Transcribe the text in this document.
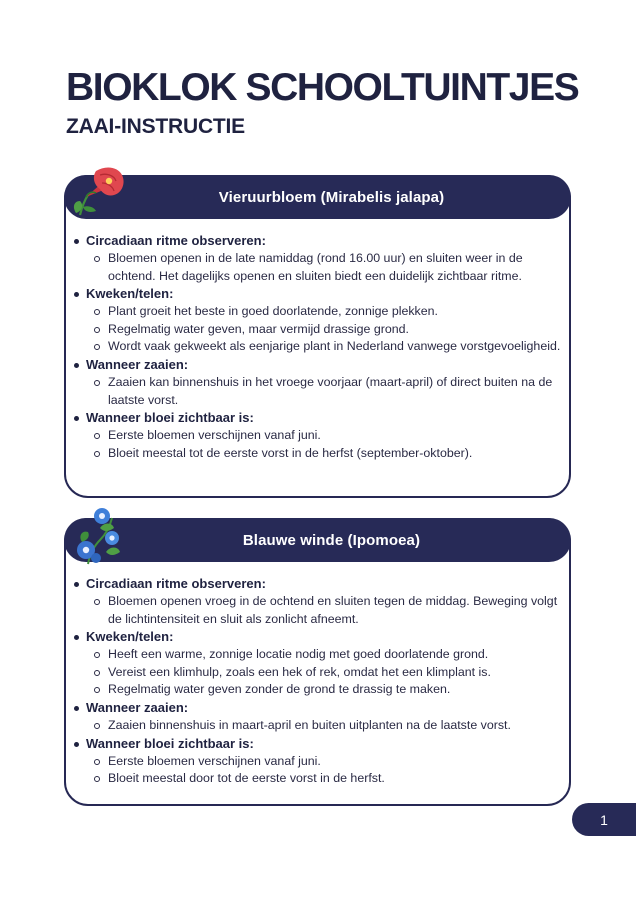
BIOKLOK SCHOOLTUINTJES
ZAAI-INSTRUCTIE
Vieruurbloem (Mirabelis jalapa)
Circadiaan ritme observeren:
Bloemen openen in de late namiddag (rond 16.00 uur) en sluiten weer in de ochtend. Het dagelijks openen en sluiten biedt een duidelijk zichtbaar ritme.
Kweken/telen:
Plant groeit het beste in goed doorlatende, zonnige plekken.
Regelmatig water geven, maar vermijd drassige grond.
Wordt vaak gekweekt als eenjarige plant in Nederland vanwege vorstgevoeligheid.
Wanneer zaaien:
Zaaien kan binnenshuis in het vroege voorjaar (maart-april) of direct buiten na de laatste vorst.
Wanneer bloei zichtbaar is:
Eerste bloemen verschijnen vanaf juni.
Bloeit meestal tot de eerste vorst in de herfst (september-oktober).
Blauwe winde (Ipomoea)
Circadiaan ritme observeren:
Bloemen openen vroeg in de ochtend en sluiten tegen de middag. Beweging volgt de lichtintensiteit en sluit als zonlicht afneemt.
Kweken/telen:
Heeft een warme, zonnige locatie nodig met goed doorlatende grond.
Vereist een klimhulp, zoals een hek of rek, omdat het een klimplant is.
Regelmatig water geven zonder de grond te drassig te maken.
Wanneer zaaien:
Zaaien binnenshuis in maart-april en buiten uitplanten na de laatste vorst.
Wanneer bloei zichtbaar is:
Eerste bloemen verschijnen vanaf juni.
Bloeit meestal door tot de eerste vorst in de herfst.
1
